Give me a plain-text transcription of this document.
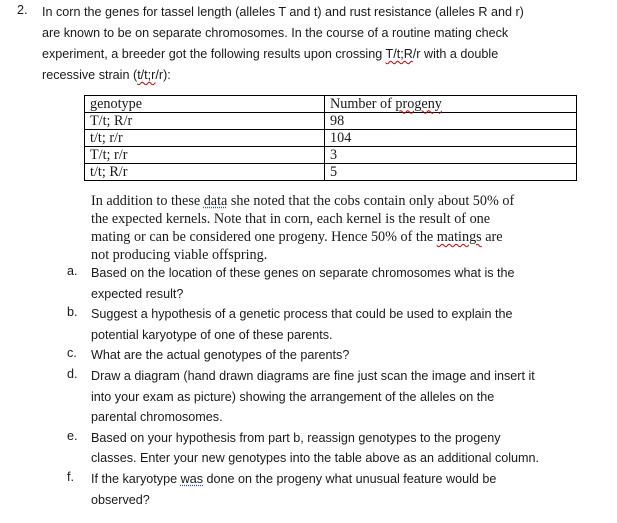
2. In corn the genes for tassel length (alleles T and t) and rust resistance (alleles R and r)
are known to be on separate chromosomes. In the course of a routine mating check
experiment, a breeder got the following results upon crossing T/t;R/r with a double
recessive strain (t/t;r/r):
genotype	Number of progeny
T/t; R/r	98
t/t; r/r	104
T/t; r/r	3
t/t; R/r	5
In addition to these data she noted that the cobs contain only about 50% of
the expected kernels. Note that in corn, each kernel is the result of one
mating or can be considered one progeny. Hence 50% of the matings are
not producing viable offspring.
a. Based on the location of these genes on separate chromosomes what is the
expected result?
b. Suggest a hypothesis of a genetic process that could be used to explain the
potential karyotype of one of these parents.
c. What are the actual genotypes of the parents?
d. Draw a diagram (hand drawn diagrams are fine just scan the image and insert it
into your exam as picture) showing the arrangement of the alleles on the
parental chromosomes.
e. Based on your hypothesis from part b, reassign genotypes to the progeny
classes. Enter your new genotypes into the table above as an additional column.
f. If the karyotype was done on the progeny what unusual feature would be
observed?
